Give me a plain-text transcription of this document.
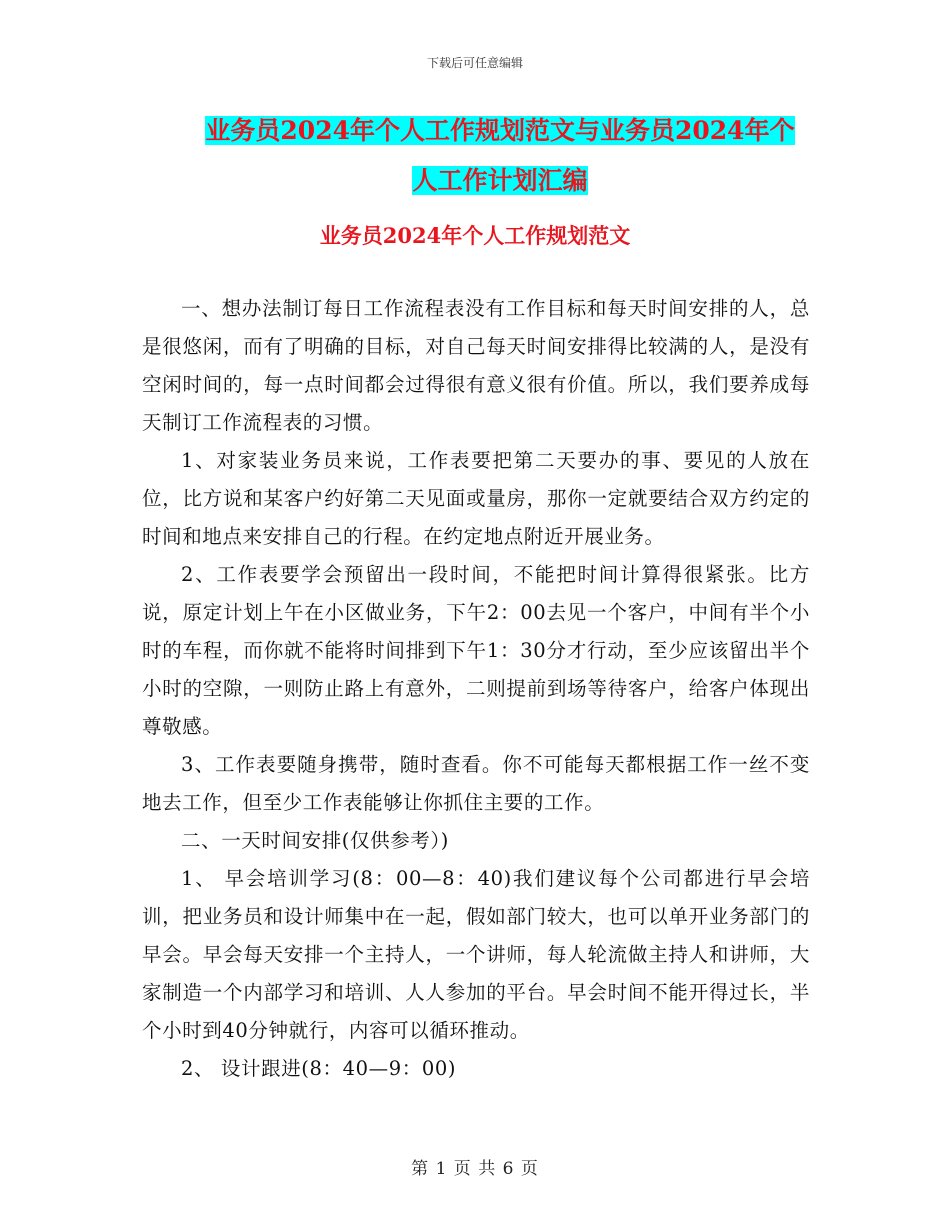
下载后可任意编辑
业务员2024年个人工作规划范文与业务员2024年个
人工作计划汇编
业务员2024年个人工作规划范文

一、想办法制订每日工作流程表没有工作目标和每天时间安排的人，总是很悠闲，而有了明确的目标，对自己每天时间安排得比较满的人，是没有空闲时间的，每一点时间都会过得很有意义很有价值。所以，我们要养成每天制订工作流程表的习惯。

1、对家装业务员来说，工作表要把第二天要办的事、要见的人放在位，比方说和某客户约好第二天见面或量房，那你一定就要结合双方约定的时间和地点来安排自己的行程。在约定地点附近开展业务。

2、工作表要学会预留出一段时间，不能把时间计算得很紧张。比方说，原定计划上午在小区做业务，下午2：00去见一个客户，中间有半个小时的车程，而你就不能将时间排到下午1：30分才行动，至少应该留出半个小时的空隙，一则防止路上有意外，二则提前到场等待客户，给客户体现出尊敬感。

3、工作表要随身携带，随时查看。你不可能每天都根据工作一丝不变地去工作，但至少工作表能够让你抓住主要的工作。

二、一天时间安排(仅供参考）)

1、 早会培训学习(8：00—8：40)我们建议每个公司都进行早会培训，把业务员和设计师集中在一起，假如部门较大，也可以单开业务部门的早会。早会每天安排一个主持人，一个讲师，每人轮流做主持人和讲师，大家制造一个内部学习和培训、人人参加的平台。早会时间不能开得过长，半个小时到40分钟就行，内容可以循环推动。

2、 设计跟进(8：40—9：00)

第 1 页 共 6 页
